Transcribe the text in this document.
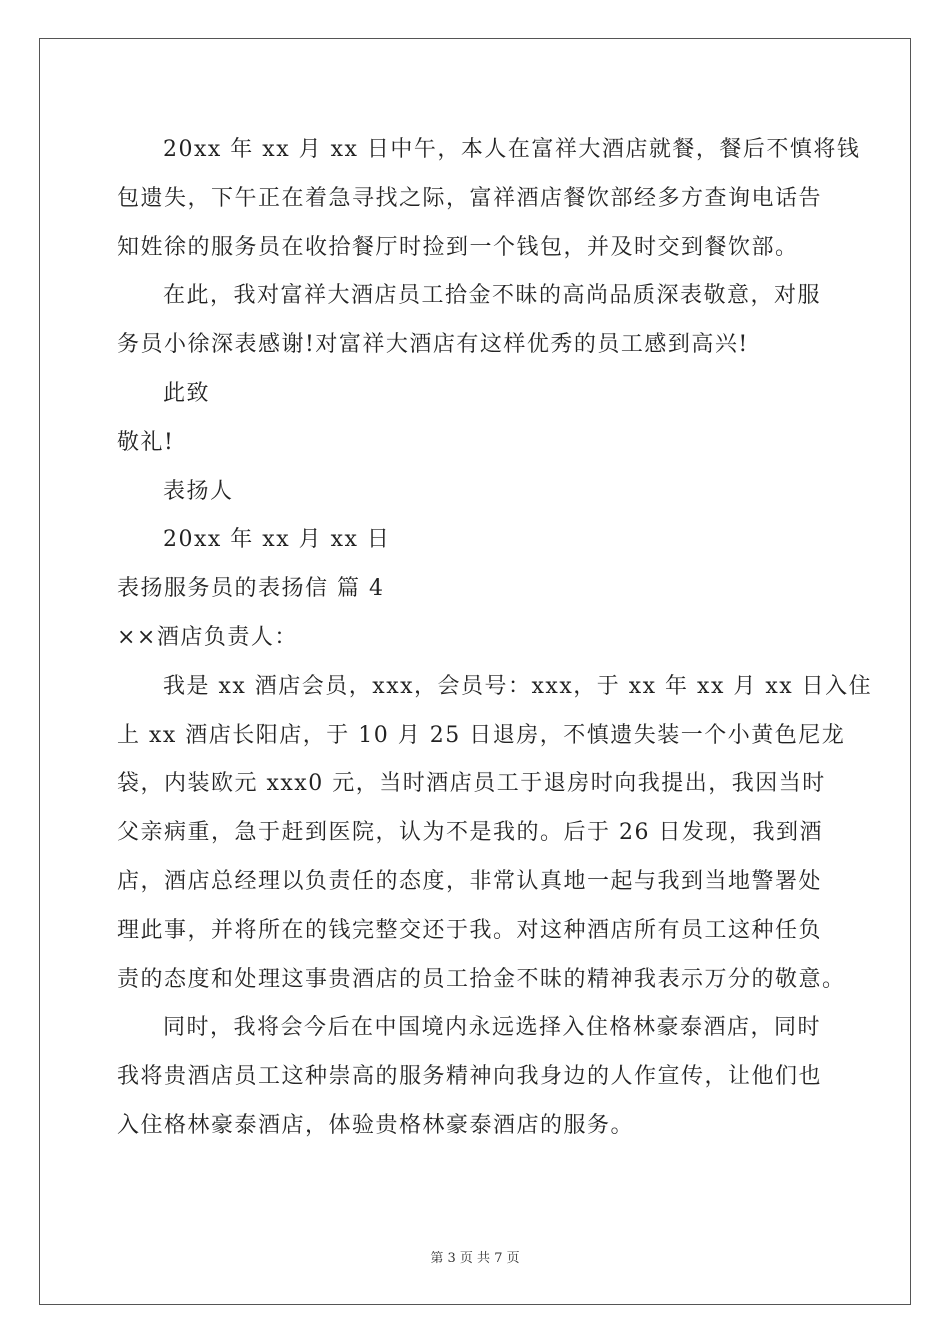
20xx 年 xx 月 xx 日中午，本人在富祥大酒店就餐，餐后不慎将钱
包遗失，下午正在着急寻找之际，富祥酒店餐饮部经多方查询电话告
知姓徐的服务员在收拾餐厅时捡到一个钱包，并及时交到餐饮部。
在此，我对富祥大酒店员工拾金不昧的高尚品质深表敬意，对服
务员小徐深表感谢!对富祥大酒店有这样优秀的员工感到高兴!
此致
敬礼!
表扬人
20xx 年 xx 月 xx 日
表扬服务员的表扬信 篇 4
××酒店负责人：
我是 xx 酒店会员，xxx，会员号：xxx，于 xx 年 xx 月 xx 日入住
上 xx 酒店长阳店，于 10 月 25 日退房，不慎遗失装一个小黄色尼龙
袋，内装欧元 xxx0 元，当时酒店员工于退房时向我提出，我因当时
父亲病重，急于赶到医院，认为不是我的。后于 26 日发现，我到酒
店，酒店总经理以负责任的态度，非常认真地一起与我到当地警署处
理此事，并将所在的钱完整交还于我。对这种酒店所有员工这种任负
责的态度和处理这事贵酒店的员工拾金不昧的精神我表示万分的敬意。
同时，我将会今后在中国境内永远选择入住格林豪泰酒店，同时
我将贵酒店员工这种崇高的服务精神向我身边的人作宣传，让他们也
入住格林豪泰酒店，体验贵格林豪泰酒店的服务。
第 3 页 共 7 页
